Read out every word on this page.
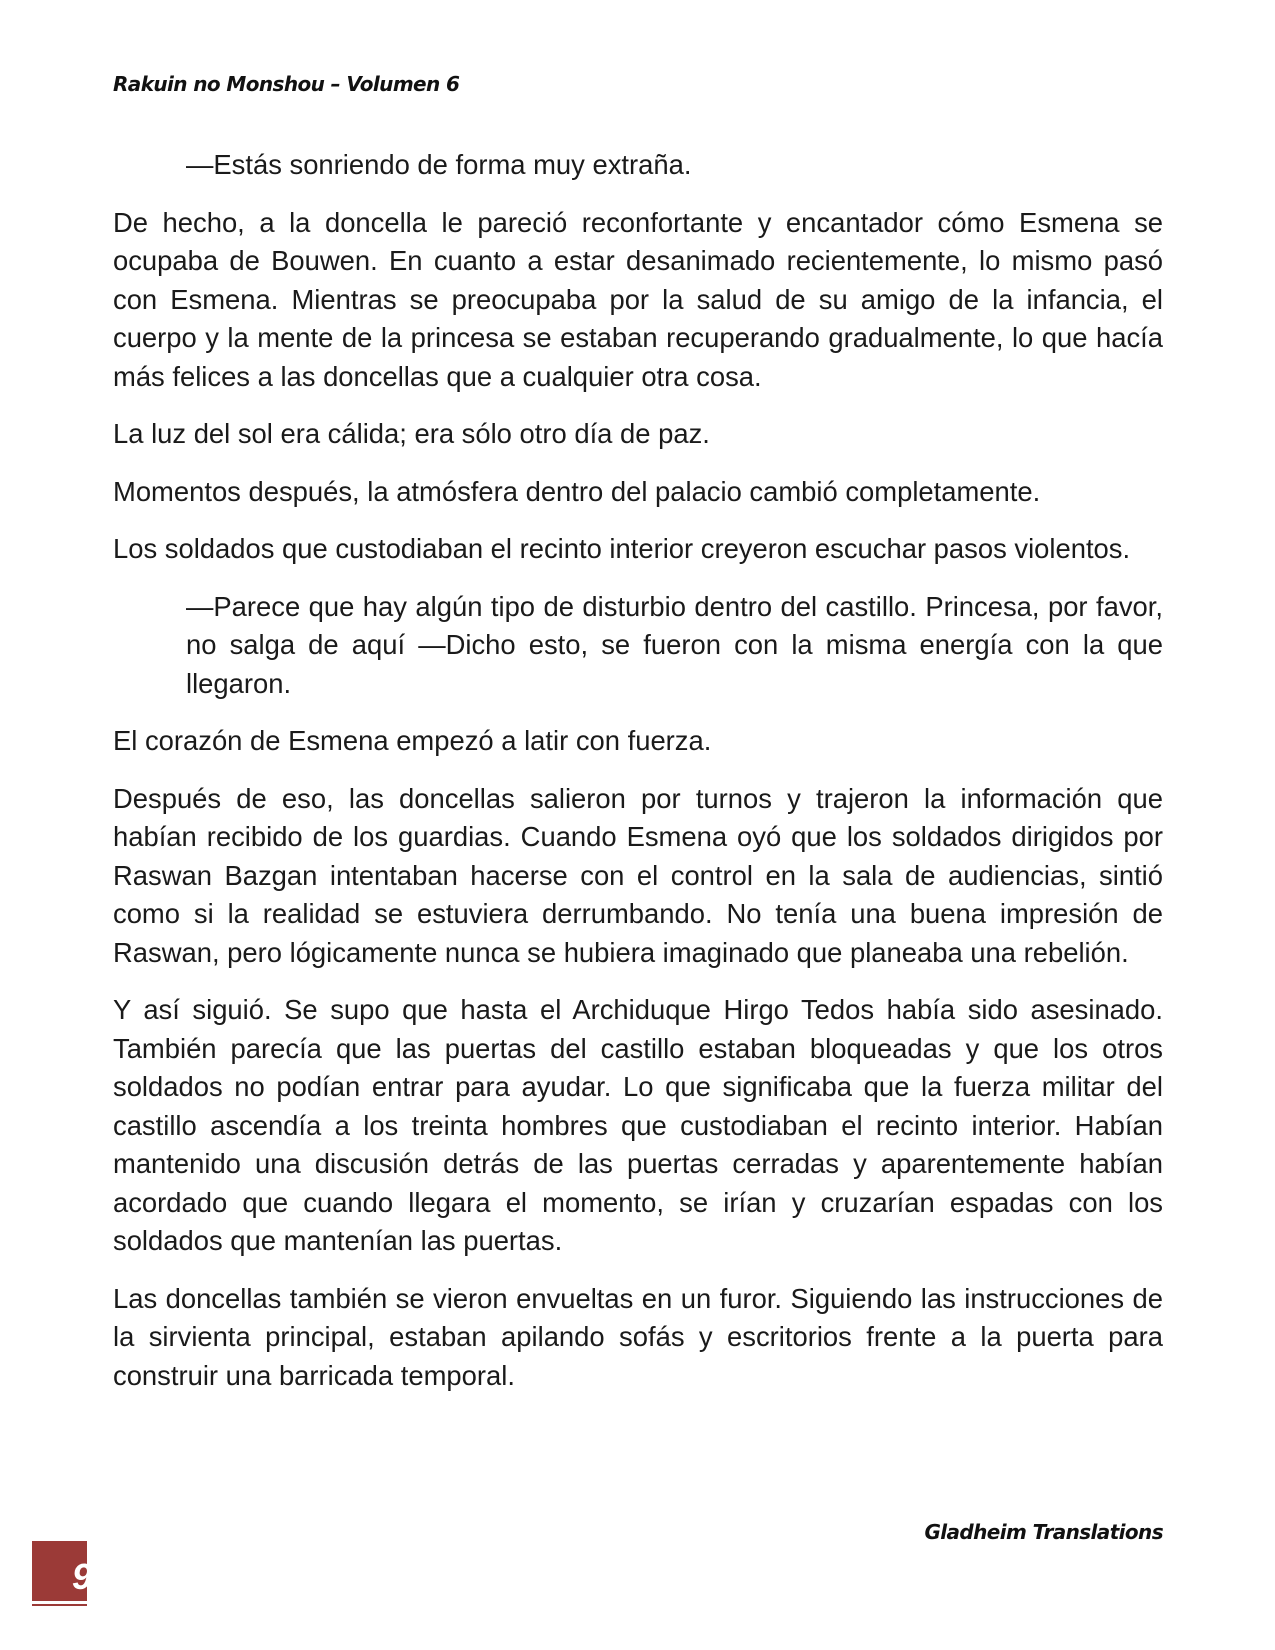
Rakuin no Monshou – Volumen 6

—Estás sonriendo de forma muy extraña.

De hecho, a la doncella le pareció reconfortante y encantador cómo Esmena se ocupaba de Bouwen. En cuanto a estar desanimado recientemente, lo mismo pasó con Esmena. Mientras se preocupaba por la salud de su amigo de la infancia, el cuerpo y la mente de la princesa se estaban recuperando gradualmente, lo que hacía más felices a las doncellas que a cualquier otra cosa.

La luz del sol era cálida; era sólo otro día de paz.

Momentos después, la atmósfera dentro del palacio cambió completamente.

Los soldados que custodiaban el recinto interior creyeron escuchar pasos violentos.

—Parece que hay algún tipo de disturbio dentro del castillo. Princesa, por favor, no salga de aquí —Dicho esto, se fueron con la misma energía con la que llegaron.

El corazón de Esmena empezó a latir con fuerza.

Después de eso, las doncellas salieron por turnos y trajeron la información que habían recibido de los guardias. Cuando Esmena oyó que los soldados dirigidos por Raswan Bazgan intentaban hacerse con el control en la sala de audiencias, sintió como si la realidad se estuviera derrumbando. No tenía una buena impresión de Raswan, pero lógicamente nunca se hubiera imaginado que planeaba una rebelión.

Y así siguió. Se supo que hasta el Archiduque Hirgo Tedos había sido asesinado. También parecía que las puertas del castillo estaban bloqueadas y que los otros soldados no podían entrar para ayudar. Lo que significaba que la fuerza militar del castillo ascendía a los treinta hombres que custodiaban el recinto interior. Habían mantenido una discusión detrás de las puertas cerradas y aparentemente habían acordado que cuando llegara el momento, se irían y cruzarían espadas con los soldados que mantenían las puertas.

Las doncellas también se vieron envueltas en un furor. Siguiendo las instrucciones de la sirvienta principal, estaban apilando sofás y escritorios frente a la puerta para construir una barricada temporal.

Gladheim Translations
9
